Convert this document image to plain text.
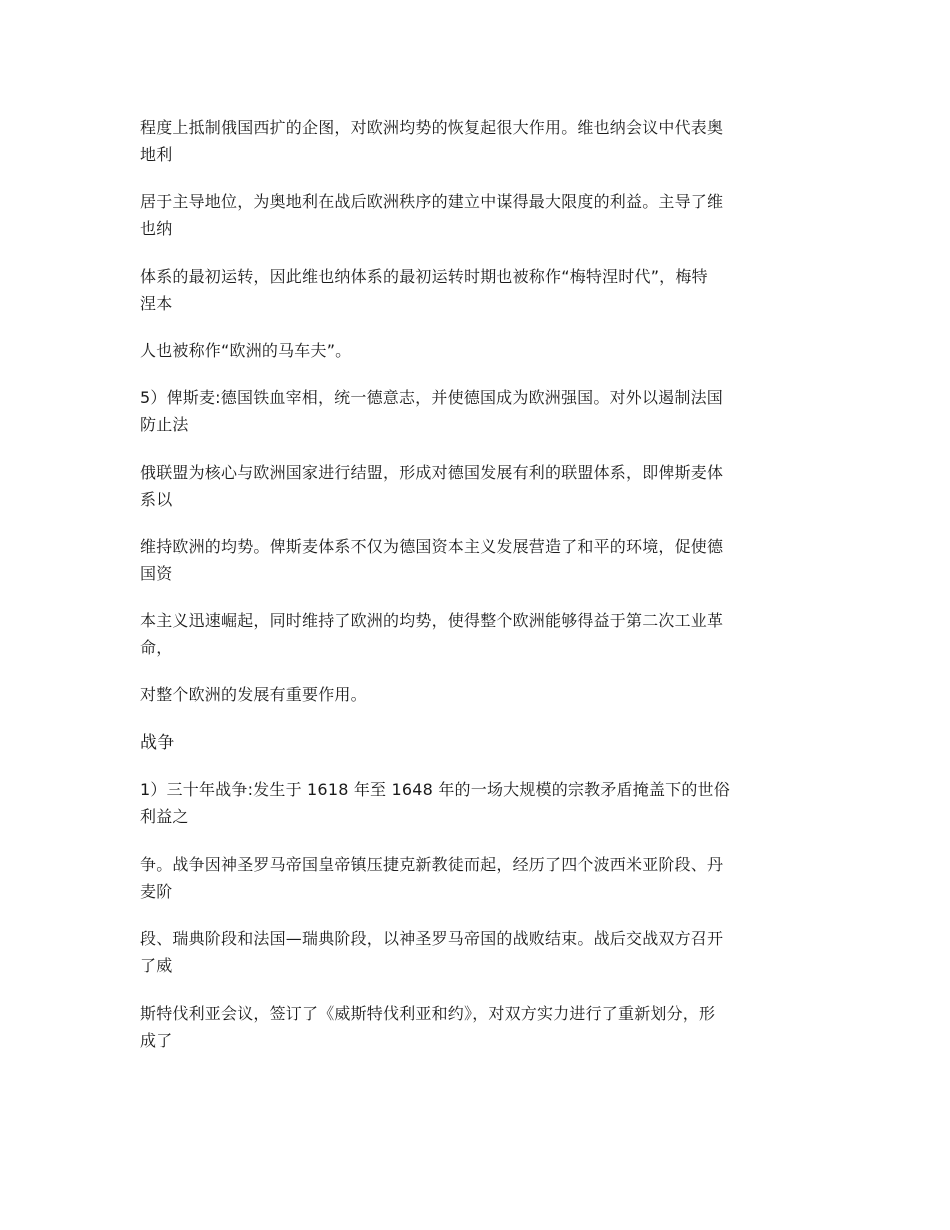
程度上抵制俄国西扩的企图，对欧洲均势的恢复起很大作用。维也纳会议中代表奥
地利
居于主导地位，为奥地利在战后欧洲秩序的建立中谋得最大限度的利益。主导了维
也纳
体系的最初运转，因此维也纳体系的最初运转时期也被称作“梅特涅时代”，梅特
涅本
人也被称作“欧洲的马车夫”。
5）俾斯麦:德国铁血宰相，统一德意志，并使德国成为欧洲强国。对外以遏制法国
防止法
俄联盟为核心与欧洲国家进行结盟，形成对德国发展有利的联盟体系，即俾斯麦体
系以
维持欧洲的均势。俾斯麦体系不仅为德国资本主义发展营造了和平的环境，促使德
国资
本主义迅速崛起，同时维持了欧洲的均势，使得整个欧洲能够得益于第二次工业革
命，
对整个欧洲的发展有重要作用。
战争
1）三十年战争:发生于 1618 年至 1648 年的一场大规模的宗教矛盾掩盖下的世俗
利益之
争。战争因神圣罗马帝国皇帝镇压捷克新教徒而起，经历了四个波西米亚阶段、丹
麦阶
段、瑞典阶段和法国—瑞典阶段，以神圣罗马帝国的战败结束。战后交战双方召开
了威
斯特伐利亚会议，签订了《威斯特伐利亚和约》，对双方实力进行了重新划分，形
成了
